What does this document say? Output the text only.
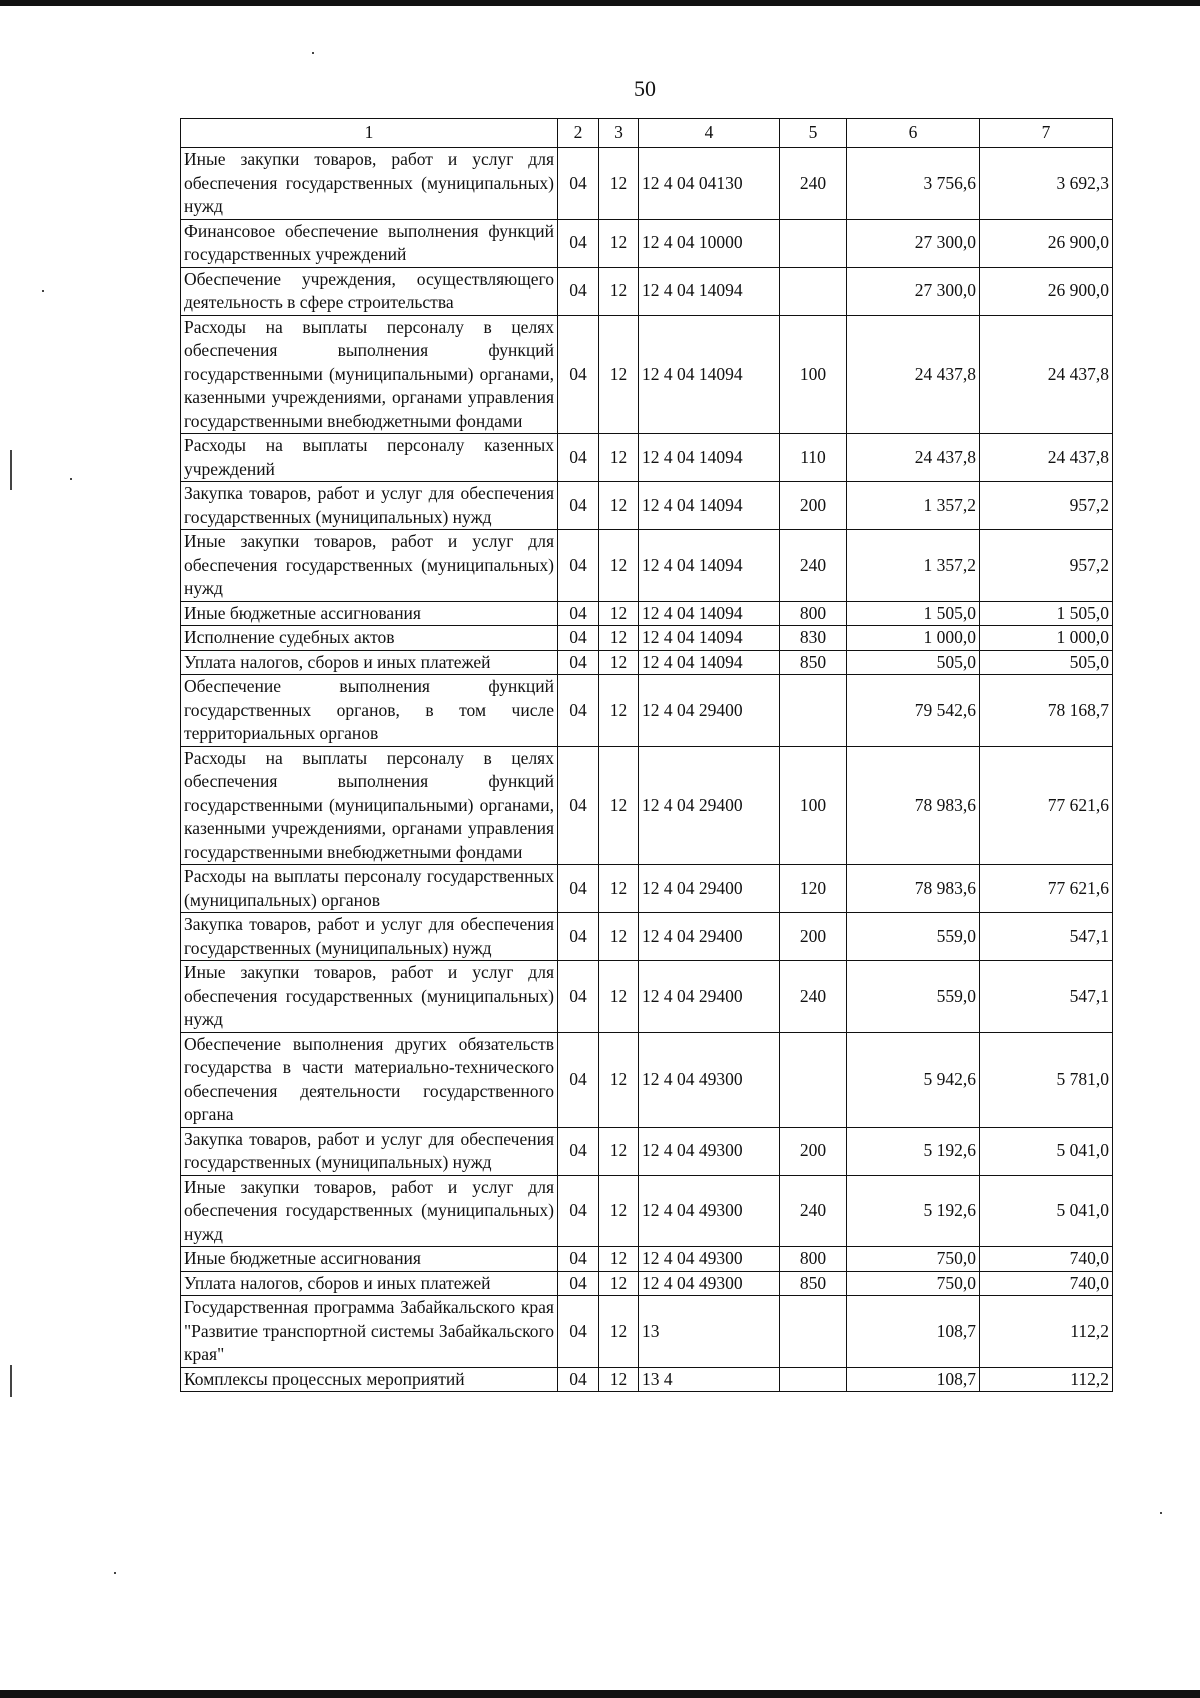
50
1	2	3	4	5	6	7
Иные закупки товаров, работ и услуг для обеспечения государственных (муниципальных) нужд	04	12	12 4 04 04130	240	3 756,6	3 692,3
Финансовое обеспечение выполнения функций государственных учреждений	04	12	12 4 04 10000		27 300,0	26 900,0
Обеспечение учреждения, осуществляющего деятельность в сфере строительства	04	12	12 4 04 14094		27 300,0	26 900,0
Расходы на выплаты персоналу в целях обеспечения выполнения функций государственными (муниципальными) органами, казенными учреждениями, органами управления государственными внебюджетными фондами	04	12	12 4 04 14094	100	24 437,8	24 437,8
Расходы на выплаты персоналу казенных учреждений	04	12	12 4 04 14094	110	24 437,8	24 437,8
Закупка товаров, работ и услуг для обеспечения государственных (муниципальных) нужд	04	12	12 4 04 14094	200	1 357,2	957,2
Иные закупки товаров, работ и услуг для обеспечения государственных (муниципальных) нужд	04	12	12 4 04 14094	240	1 357,2	957,2
Иные бюджетные ассигнования	04	12	12 4 04 14094	800	1 505,0	1 505,0
Исполнение судебных актов	04	12	12 4 04 14094	830	1 000,0	1 000,0
Уплата налогов, сборов и иных платежей	04	12	12 4 04 14094	850	505,0	505,0
Обеспечение выполнения функций государственных органов, в том числе территориальных органов	04	12	12 4 04 29400		79 542,6	78 168,7
Расходы на выплаты персоналу в целях обеспечения выполнения функций государственными (муниципальными) органами, казенными учреждениями, органами управления государственными внебюджетными фондами	04	12	12 4 04 29400	100	78 983,6	77 621,6
Расходы на выплаты персоналу государственных (муниципальных) органов	04	12	12 4 04 29400	120	78 983,6	77 621,6
Закупка товаров, работ и услуг для обеспечения государственных (муниципальных) нужд	04	12	12 4 04 29400	200	559,0	547,1
Иные закупки товаров, работ и услуг для обеспечения государственных (муниципальных) нужд	04	12	12 4 04 29400	240	559,0	547,1
Обеспечение выполнения других обязательств государства в части материально-технического обеспечения деятельности государственного органа	04	12	12 4 04 49300		5 942,6	5 781,0
Закупка товаров, работ и услуг для обеспечения государственных (муниципальных) нужд	04	12	12 4 04 49300	200	5 192,6	5 041,0
Иные закупки товаров, работ и услуг для обеспечения государственных (муниципальных) нужд	04	12	12 4 04 49300	240	5 192,6	5 041,0
Иные бюджетные ассигнования	04	12	12 4 04 49300	800	750,0	740,0
Уплата налогов, сборов и иных платежей	04	12	12 4 04 49300	850	750,0	740,0
Государственная программа Забайкальского края "Развитие транспортной системы Забайкальского края"	04	12	13		108,7	112,2
Комплексы процессных мероприятий	04	12	13 4		108,7	112,2
